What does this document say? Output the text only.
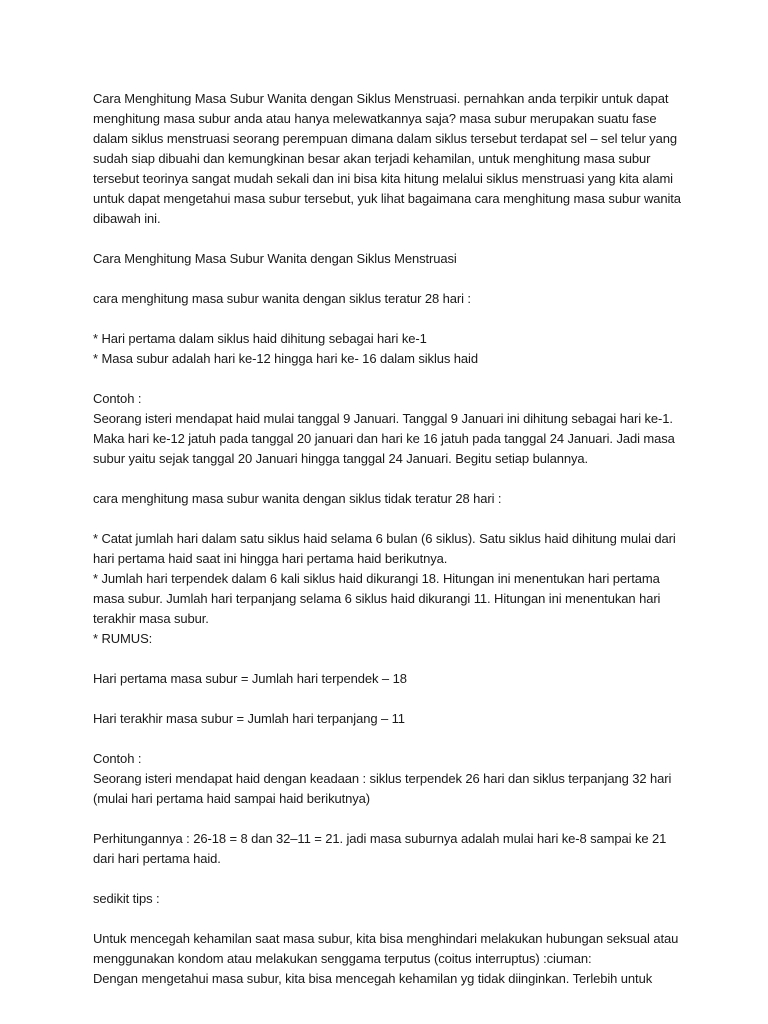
Cara Menghitung Masa Subur Wanita dengan Siklus Menstruasi. pernahkan anda terpikir untuk dapat menghitung masa subur anda atau hanya melewatkannya saja? masa subur merupakan suatu fase dalam siklus menstruasi seorang perempuan dimana dalam siklus tersebut terdapat sel – sel telur yang sudah siap dibuahi dan kemungkinan besar akan terjadi kehamilan, untuk menghitung masa subur tersebut teorinya sangat mudah sekali dan ini bisa kita hitung melalui siklus menstruasi yang kita alami untuk dapat mengetahui masa subur tersebut, yuk lihat bagaimana cara menghitung masa subur wanita dibawah ini.

Cara Menghitung Masa Subur Wanita dengan Siklus Menstruasi

cara menghitung masa subur wanita dengan siklus teratur 28 hari :

* Hari pertama dalam siklus haid dihitung sebagai hari ke-1

* Masa subur adalah hari ke-12 hingga hari ke- 16 dalam siklus haid

Contoh :

Seorang isteri mendapat haid mulai tanggal 9 Januari. Tanggal 9 Januari ini dihitung sebagai hari ke-1. Maka hari ke-12 jatuh pada tanggal 20 januari dan hari ke 16 jatuh pada tanggal 24 Januari. Jadi masa subur yaitu sejak tanggal 20 Januari hingga tanggal 24 Januari. Begitu setiap bulannya.

cara menghitung masa subur wanita dengan siklus tidak teratur 28 hari :

* Catat jumlah hari dalam satu siklus haid selama 6 bulan (6 siklus). Satu siklus haid dihitung mulai dari hari pertama haid saat ini hingga hari pertama haid berikutnya.

* Jumlah hari terpendek dalam 6 kali siklus haid dikurangi 18. Hitungan ini menentukan hari pertama masa subur. Jumlah hari terpanjang selama 6 siklus haid dikurangi 11. Hitungan ini menentukan hari terakhir masa subur.

* RUMUS:

Hari pertama masa subur = Jumlah hari terpendek – 18

Hari terakhir masa subur = Jumlah hari terpanjang – 11

Contoh :

Seorang isteri mendapat haid dengan keadaan : siklus terpendek 26 hari dan siklus terpanjang 32 hari (mulai hari pertama haid sampai haid berikutnya)

Perhitungannya : 26-18 = 8 dan 32–11 = 21. jadi masa suburnya adalah mulai hari ke-8 sampai ke 21 dari hari pertama haid.

sedikit tips :

Untuk mencegah kehamilan saat masa subur, kita bisa menghindari melakukan hubungan seksual atau menggunakan kondom atau melakukan senggama terputus (coitus interruptus) :ciuman:

Dengan mengetahui masa subur, kita bisa mencegah kehamilan yg tidak diinginkan. Terlebih untuk
